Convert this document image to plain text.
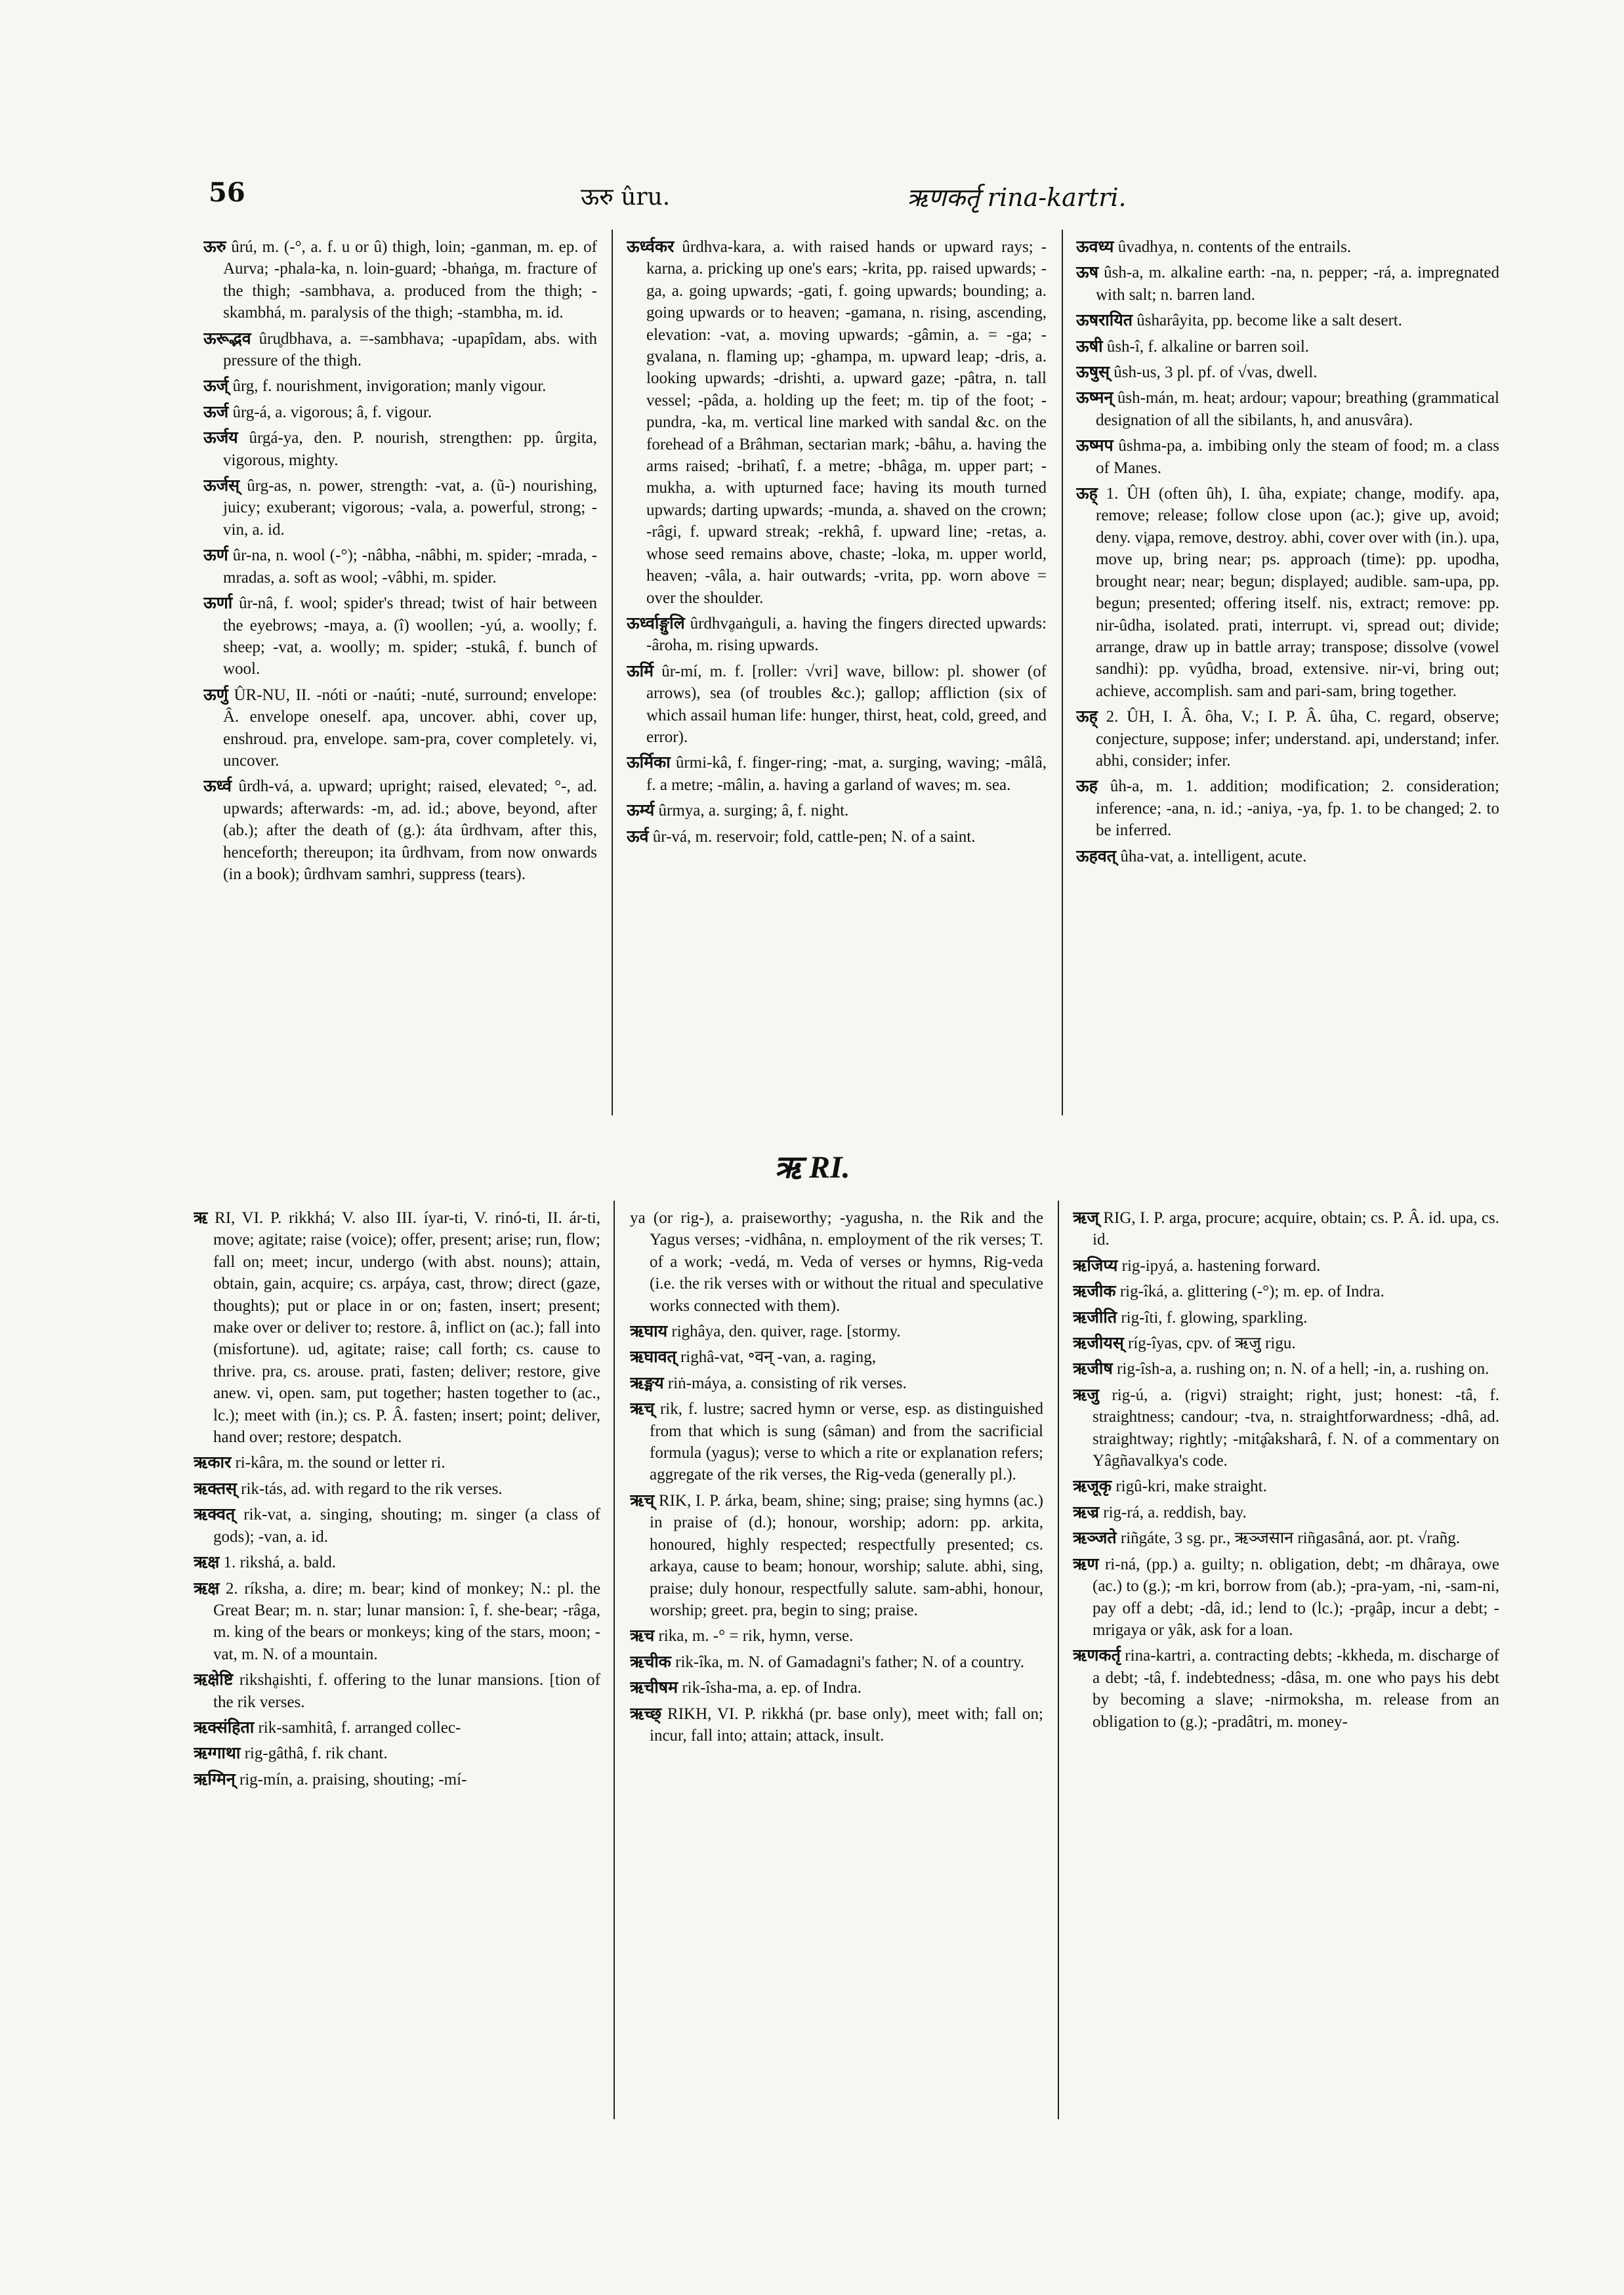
56	ऊरु ûru.	ऋणकर्तृ rina-kartri.

ऊरु ûrú, m. (-°, a. f. u or û) thigh, loin; -ganman, m. ep. of Aurva; -phala-ka, n. loin-guard; -bhaṅga, m. fracture of the thigh; -sambhava, a. produced from the thigh; -skambhá, m. paralysis of the thigh; -stambha, m. id.

ऊरूद्भव ûru̥dbhava, a. =-sambhava; -upapîdam, abs. with pressure of the thigh.

ऊर्ज् ûrg, f. nourishment, invigoration; manly vigour.

ऊर्ज ûrg-á, a. vigorous; â, f. vigour.

ऊर्जय ûrgá-ya, den. P. nourish, strengthen: pp. ûrgita, vigorous, mighty.

ऊर्जस् ûrg-as, n. power, strength: -vat, a. (ũ-) nourishing, juicy; exuberant; vigorous; -vala, a. powerful, strong; -vin, a. id.

ऊर्ण ûr-na, n. wool (-°); -nâbha, -nâbhi, m. spider; -mrada, -mradas, a. soft as wool; -vâbhi, m. spider.

ऊर्णा ûr-nâ, f. wool; spider's thread; twist of hair between the eyebrows; -maya, a. (î) woollen; -yú, a. woolly; f. sheep; -vat, a. woolly; m. spider; -stukâ, f. bunch of wool.

ऊर्णु ÛR-NU, II. -nóti or -naúti; -nuté, surround; envelope: Â. envelope oneself. apa, uncover. abhi, cover up, enshroud. pra, envelope. sam-pra, cover completely. vi, uncover.

ऊर्ध्व ûrdh-vá, a. upward; upright; raised, elevated; °-, ad. upwards; afterwards: -m, ad. id.; above, beyond, after (ab.); after the death of (g.): áta ûrdhvam, after this, henceforth; thereupon; ita ûrdhvam, from now onwards (in a book); ûrdhvam samhri, suppress (tears).

ऊर्ध्वकर ûrdhva-kara, a. with raised hands or upward rays; -karna, a. pricking up one's ears; -krita, pp. raised upwards; -ga, a. going upwards; -gati, f. going upwards; bounding; a. going upwards or to heaven; -gamana, n. rising, ascending, elevation: -vat, a. moving upwards; -gâmin, a. = -ga; -gvalana, n. flaming up; -ghampa, m. upward leap; -dris, a. looking upwards; -drishti, a. upward gaze; -pâtra, n. tall vessel; -pâda, a. holding up the feet; m. tip of the foot; -pundra, -ka, m. vertical line marked with sandal &c. on the forehead of a Brâhman, sectarian mark; -bâhu, a. having the arms raised; -brihatî, f. a metre; -bhâga, m. upper part; -mukha, a. with upturned face; having its mouth turned upwards; darting upwards; -munda, a. shaved on the crown; -râgi, f. upward streak; -rekhâ, f. upward line; -retas, a. whose seed remains above, chaste; -loka, m. upper world, heaven; -vâla, a. hair outwards; -vrita, pp. worn above = over the shoulder.

ऊर्ध्वाङ्गुलि ûrdhvḁaṅguli, a. having the fingers directed upwards: -âroha, m. rising upwards.

ऊर्मि ûr-mí, m. f. [roller: √vri] wave, billow: pl. shower (of arrows), sea (of troubles &c.); gallop; affliction (six of which assail human life: hunger, thirst, heat, cold, greed, and error).

ऊर्मिका ûrmi-kâ, f. finger-ring; -mat, a. surging, waving; -mâlâ, f. a metre; -mâlin, a. having a garland of waves; m. sea.

ऊर्म्य ûrmya, a. surging; â, f. night.

ऊर्व ûr-vá, m. reservoir; fold, cattle-pen; N. of a saint.

ऊवध्य ûvadhya, n. contents of the entrails.

ऊष ûsh-a, m. alkaline earth: -na, n. pepper; -rá, a. impregnated with salt; n. barren land.

ऊषरायित ûsharâyita, pp. become like a salt desert.

ऊषी ûsh-î, f. alkaline or barren soil.

ऊषुस् ûsh-us, 3 pl. pf. of √vas, dwell.

ऊष्मन् ûsh-mán, m. heat; ardour; vapour; breathing (grammatical designation of all the sibilants, h, and anusvâra).

ऊष्मप ûshma-pa, a. imbibing only the steam of food; m. a class of Manes.

ऊह् 1. ÛH (often ûh), I. ûha, expiate; change, modify. apa, remove; release; follow close upon (ac.); give up, avoid; deny. vi̥apa, remove, destroy. abhi, cover over with (in.). upa, move up, bring near; ps. approach (time): pp. upodha, brought near; near; begun; displayed; audible. sam-upa, pp. begun; presented; offering itself. nis, extract; remove: pp. nir-ûdha, isolated. prati, interrupt. vi, spread out; divide; arrange, draw up in battle array; transpose; dissolve (vowel sandhi): pp. vyûdha, broad, extensive. nir-vi, bring out; achieve, accomplish. sam and pari-sam, bring together.

ऊह् 2. ÛH, I. Â. ôha, V.; I. P. Â. ûha, C. regard, observe; conjecture, suppose; infer; understand. api, understand; infer. abhi, consider; infer.

ऊह ûh-a, m. 1. addition; modification; 2. consideration; inference; -ana, n. id.; -aniya, -ya, fp. 1. to be changed; 2. to be inferred.

ऊहवत् ûha-vat, a. intelligent, acute.

ऋ RI.

ऋ RI, VI. P. rikkhá; V. also III. íyar-ti, V. rinó-ti, II. ár-ti, move; agitate; raise (voice); offer, present; arise; run, flow; fall on; meet; incur, undergo (with abst. nouns); attain, obtain, gain, acquire; cs. arpáya, cast, throw; direct (gaze, thoughts); put or place in or on; fasten, insert; present; make over or deliver to; restore. â, inflict on (ac.); fall into (misfortune). ud, agitate; raise; call forth; cs. cause to thrive. pra, cs. arouse. prati, fasten; deliver; restore, give anew. vi, open. sam, put together; hasten together to (ac., lc.); meet with (in.); cs. P. Â. fasten; insert; point; deliver, hand over; restore; despatch.

ऋकार ri-kâra, m. the sound or letter ri.

ऋक्तस् rik-tás, ad. with regard to the rik verses.

ऋक्वत् rik-vat, a. singing, shouting; m. singer (a class of gods); -van, a. id.

ऋक्ष 1. rikshá, a. bald.

ऋक्ष 2. ríksha, a. dire; m. bear; kind of monkey; N.: pl. the Great Bear; m. n. star; lunar mansion: î, f. she-bear; -râga, m. king of the bears or monkeys; king of the stars, moon; -vat, m. N. of a mountain.

ऋक्षेष्टि rikshḁishti, f. offering to the lunar mansions. [tion of the rik verses.

ऋक्संहिता rik-samhitâ, f. arranged collec-

ऋग्गाथा rig-gâthâ, f. rik chant.

ऋग्मिन् rig-mín, a. praising, shouting; -mí-

ya (or rig-), a. praiseworthy; -yagusha, n. the Rik and the Yagus verses; -vidhâna, n. employment of the rik verses; T. of a work; -vedá, m. Veda of verses or hymns, Rig-veda (i.e. the rik verses with or without the ritual and speculative works connected with them).

ऋघाय righâya, den. quiver, rage. [stormy.

ऋघावत् righâ-vat, ॰वन् -van, a. raging,

ऋङ्मय riṅ-máya, a. consisting of rik verses.

ऋच् rik, f. lustre; sacred hymn or verse, esp. as distinguished from that which is sung (sâman) and from the sacrificial formula (yagus); verse to which a rite or explanation refers; aggregate of the rik verses, the Rig-veda (generally pl.).

ऋच् RIK, I. P. árka, beam, shine; sing; praise; sing hymns (ac.) in praise of (d.); honour, worship; adorn: pp. arkita, honoured, highly respected; respectfully presented; cs. arkaya, cause to beam; honour, worship; salute. abhi, sing, praise; duly honour, respectfully salute. sam-abhi, honour, worship; greet. pra, begin to sing; praise.

ऋच rika, m. -° = rik, hymn, verse.

ऋचीक rik-îka, m. N. of Gamadagni's father; N. of a country.

ऋचीषम rik-îsha-ma, a. ep. of Indra.

ऋच्छ् RIKH, VI. P. rikkhá (pr. base only), meet with; fall on; incur, fall into; attain; attack, insult.

ऋज् RIG, I. P. arga, procure; acquire, obtain; cs. P. Â. id. upa, cs. id.

ऋजिप्य rig-ipyá, a. hastening forward.

ऋजीक rig-îká, a. glittering (-°); m. ep. of Indra.

ऋजीति rig-îti, f. glowing, sparkling.

ऋजीयस् ríg-îyas, cpv. of ऋजु rigu.

ऋजीष rig-îsh-a, a. rushing on; n. N. of a hell; -in, a. rushing on.

ऋजु rig-ú, a. (rigvi) straight; right, just; honest: -tâ, f. straightness; candour; -tva, n. straightforwardness; -dhâ, ad. straightway; rightly; -mitḁ̂aksharâ, f. N. of a commentary on Yâgñavalkya's code.

ऋजूकृ rigû-kri, make straight.

ऋज्र rig-rá, a. reddish, bay.

ऋञ्जते riñgáte, 3 sg. pr., ऋञ्जसान riñgasâná, aor. pt. √rañg.

ऋण ri-ná, (pp.) a. guilty; n. obligation, debt; -m dhâraya, owe (ac.) to (g.); -m kri, borrow from (ab.); -pra-yam, -ni, -sam-ni, pay off a debt; -dâ, id.; lend to (lc.); -prḁâp, incur a debt; -mrigaya or yâk, ask for a loan.

ऋणकर्तृ rina-kartri, a. contracting debts; -kkheda, m. discharge of a debt; -tâ, f. indebtedness; -dâsa, m. one who pays his debt by becoming a slave; -nirmoksha, m. release from an obligation to (g.); -pradâtri, m. money-
